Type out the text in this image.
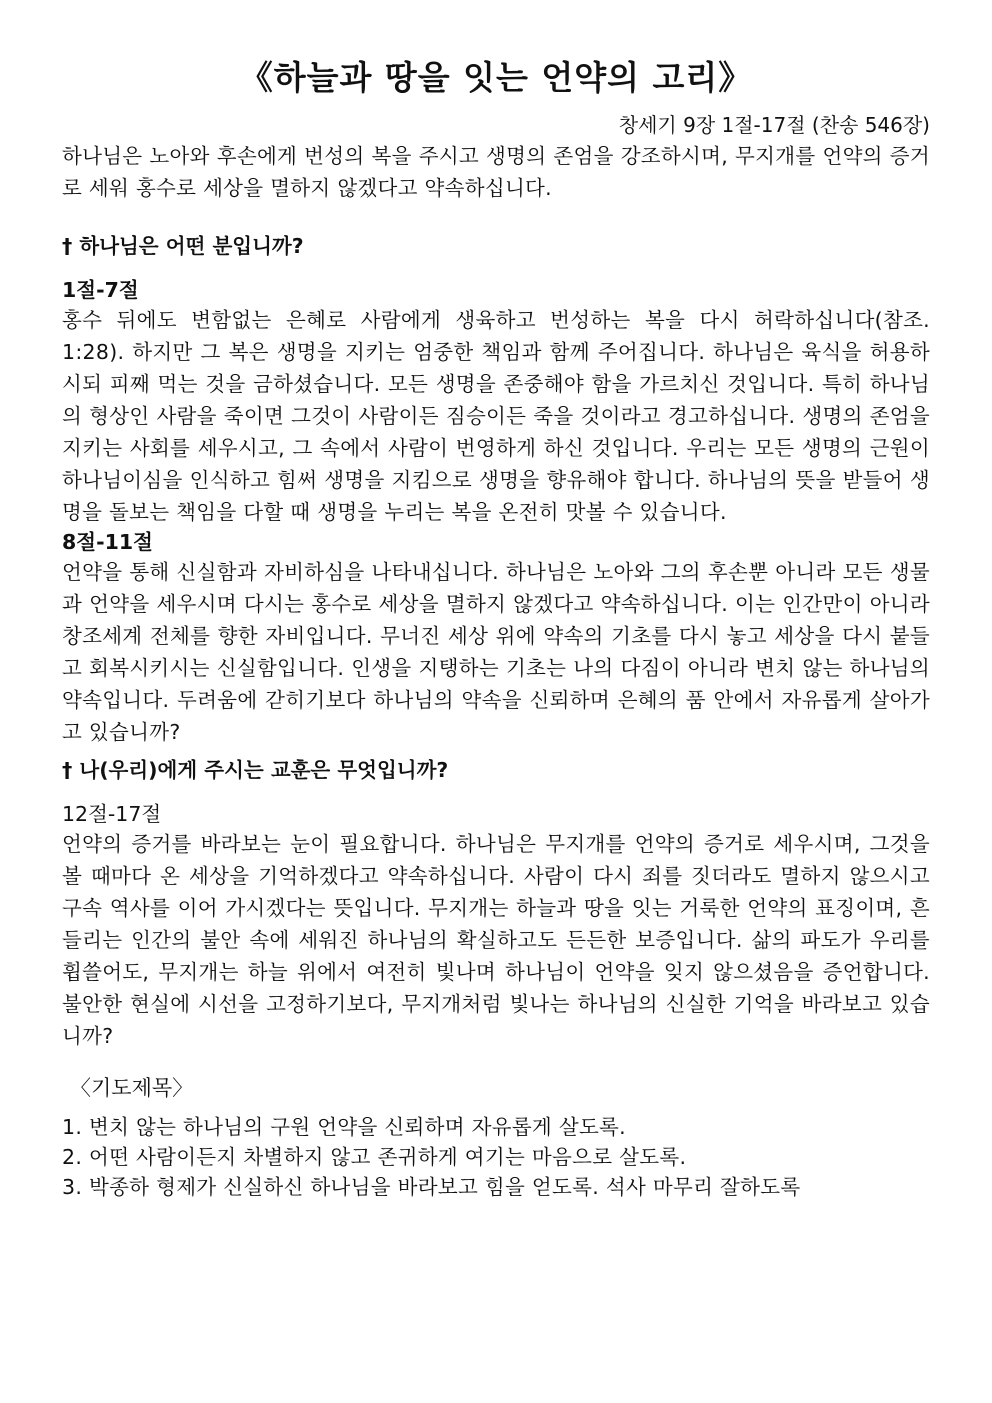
《하늘과 땅을 잇는 언약의 고리》
창세기 9장 1절-17절 (찬송 546장)

하나님은 노아와 후손에게 번성의 복을 주시고 생명의 존엄을 강조하시며, 무지개를 언약의 증거로 세워 홍수로 세상을 멸하지 않겠다고 약속하십니다.

† 하나님은 어떤 분입니까?
1절-7절

홍수 뒤에도 변함없는 은혜로 사람에게 생육하고 번성하는 복을 다시 허락하십니다(참조. 1:28). 하지만 그 복은 생명을 지키는 엄중한 책임과 함께 주어집니다. 하나님은 육식을 허용하시되 피째 먹는 것을 금하셨습니다. 모든 생명을 존중해야 함을 가르치신 것입니다. 특히 하나님의 형상인 사람을 죽이면 그것이 사람이든 짐승이든 죽을 것이라고 경고하십니다. 생명의 존엄을 지키는 사회를 세우시고, 그 속에서 사람이 번영하게 하신 것입니다. 우리는 모든 생명의 근원이 하나님이심을 인식하고 힘써 생명을 지킴으로 생명을 향유해야 합니다. 하나님의 뜻을 받들어 생명을 돌보는 책임을 다할 때 생명을 누리는 복을 온전히 맛볼 수 있습니다.

8절-11절

언약을 통해 신실함과 자비하심을 나타내십니다. 하나님은 노아와 그의 후손뿐 아니라 모든 생물과 언약을 세우시며 다시는 홍수로 세상을 멸하지 않겠다고 약속하십니다. 이는 인간만이 아니라 창조세계 전체를 향한 자비입니다. 무너진 세상 위에 약속의 기초를 다시 놓고 세상을 다시 붙들고 회복시키시는 신실함입니다. 인생을 지탱하는 기초는 나의 다짐이 아니라 변치 않는 하나님의 약속입니다. 두려움에 갇히기보다 하나님의 약속을 신뢰하며 은혜의 품 안에서 자유롭게 살아가고 있습니까?

† 나(우리)에게 주시는 교훈은 무엇입니까?
12절-17절

언약의 증거를 바라보는 눈이 필요합니다. 하나님은 무지개를 언약의 증거로 세우시며, 그것을 볼 때마다 온 세상을 기억하겠다고 약속하십니다. 사람이 다시 죄를 짓더라도 멸하지 않으시고 구속 역사를 이어 가시겠다는 뜻입니다. 무지개는 하늘과 땅을 잇는 거룩한 언약의 표징이며, 흔들리는 인간의 불안 속에 세워진 하나님의 확실하고도 든든한 보증입니다. 삶의 파도가 우리를 휩쓸어도, 무지개는 하늘 위에서 여전히 빛나며 하나님이 언약을 잊지 않으셨음을 증언합니다. 불안한 현실에 시선을 고정하기보다, 무지개처럼 빛나는 하나님의 신실한 기억을 바라보고 있습니까?

〈기도제목〉
1. 변치 않는 하나님의 구원 언약을 신뢰하며 자유롭게 살도록.
2. 어떤 사람이든지 차별하지 않고 존귀하게 여기는 마음으로 살도록.
3. 박종하 형제가 신실하신 하나님을 바라보고 힘을 얻도록. 석사 마무리 잘하도록
